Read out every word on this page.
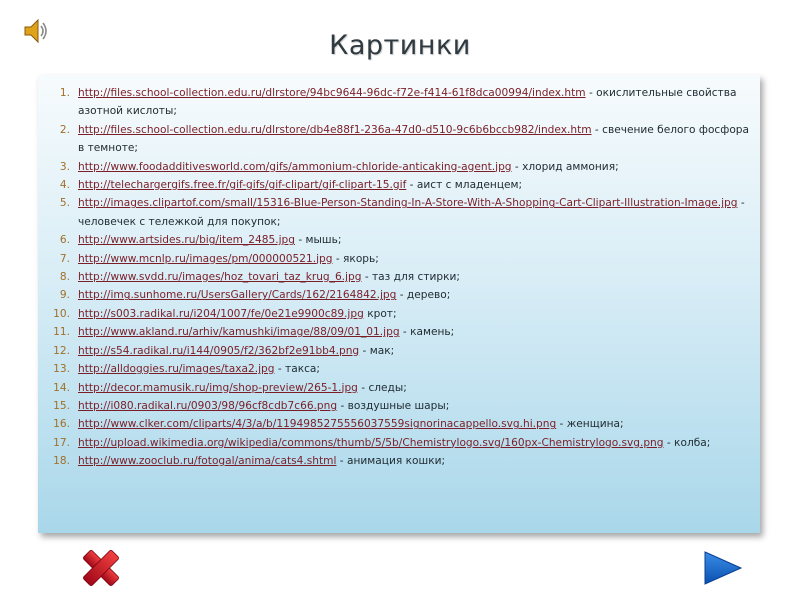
Картинки
1. http://files.school-collection.edu.ru/dlrstore/94bc9644-96dc-f72e-f414-61f8dca00994/index.htm - окислительные свойства азотной кислоты;
2. http://files.school-collection.edu.ru/dlrstore/db4e88f1-236a-47d0-d510-9c6b6bccb982/index.htm - свечение белого фосфора в темноте;
3. http://www.foodadditivesworld.com/gifs/ammonium-chloride-anticaking-agent.jpg - хлорид аммония;
4. http://telechargergifs.free.fr/gif-gifs/gif-clipart/gif-clipart-15.gif - аист с младенцем;
5. http://images.clipartof.com/small/15316-Blue-Person-Standing-In-A-Store-With-A-Shopping-Cart-Clipart-Illustration-Image.jpg - человечек с тележкой для покупок;
6. http://www.artsides.ru/big/item_2485.jpg - мышь;
7. http://www.mcnlp.ru/images/pm/000000521.jpg - якорь;
8. http://www.svdd.ru/images/hoz_tovari_taz_krug_6.jpg - таз для стирки;
9. http://img.sunhome.ru/UsersGallery/Cards/162/2164842.jpg - дерево;
10. http://s003.radikal.ru/i204/1007/fe/0e21e9900c89.jpg крот;
11. http://www.akland.ru/arhiv/kamushki/image/88/09/01_01.jpg - камень;
12. http://s54.radikal.ru/i144/0905/f2/362bf2e91bb4.png - мак;
13. http://alldoggies.ru/images/taxa2.jpg - такса;
14. http://decor.mamusik.ru/img/shop-preview/265-1.jpg - следы;
15. http://i080.radikal.ru/0903/98/96cf8cdb7c66.png - воздушные шары;
16. http://www.clker.com/cliparts/4/3/a/b/119498527555603755​9signorinacappello.svg.hi.png - женщина;
17. http://upload.wikimedia.org/wikipedia/commons/thumb/5/5b/Chemistrylogo.svg/160px-Chemistrylogo.svg.png - колба;
18. http://www.zooclub.ru/fotogal/anima/cats4.shtml - анимация кошки;
